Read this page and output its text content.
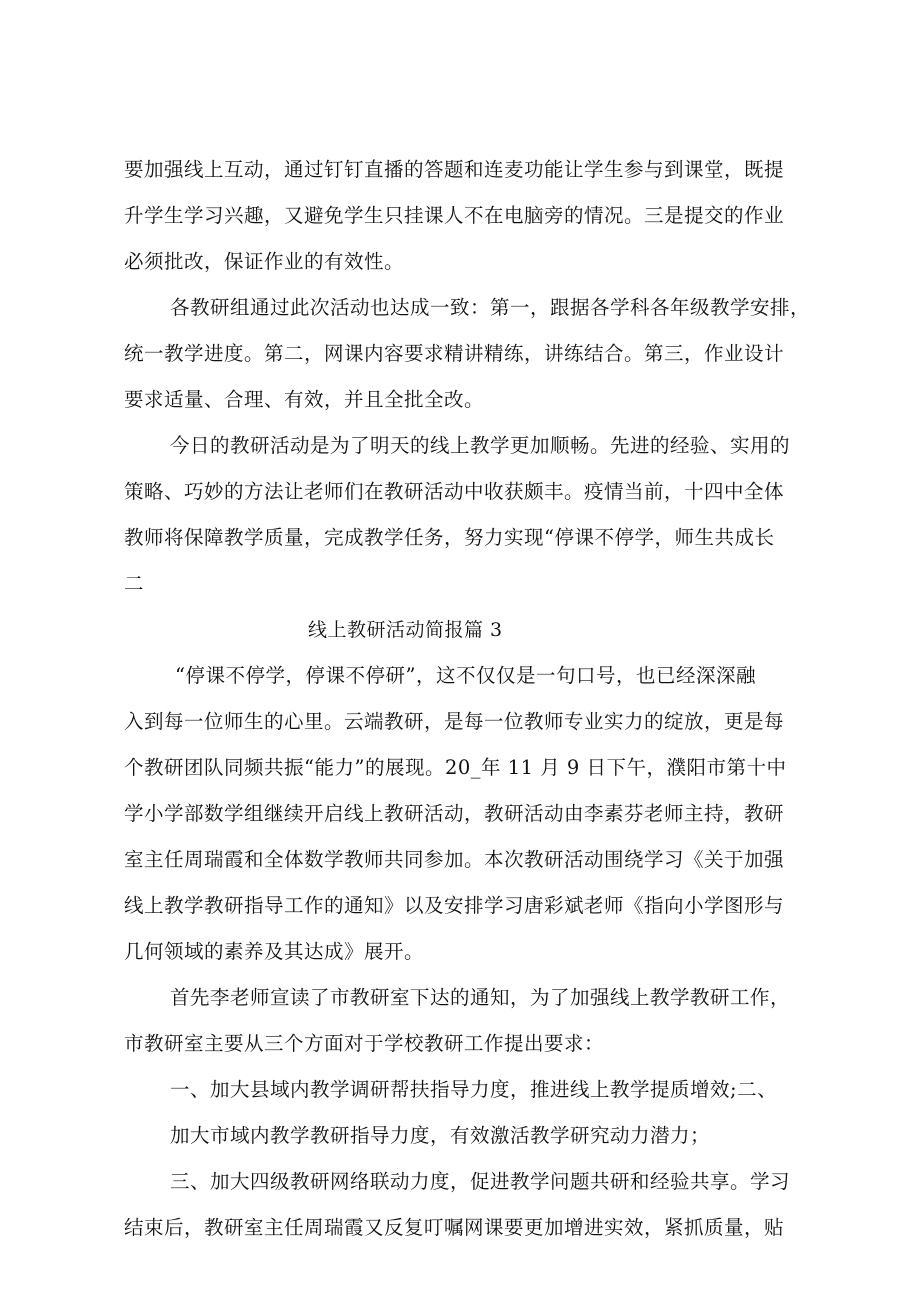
要加强线上互动，通过钉钉直播的答题和连麦功能让学生参与到课堂，既提
升学生学习兴趣，又避免学生只挂课人不在电脑旁的情况。三是提交的作业
必须批改，保证作业的有效性。
各教研组通过此次活动也达成一致：第一，跟据各学科各年级教学安排，
统一教学进度。第二，网课内容要求精讲精练，讲练结合。第三，作业设计
要求适量、合理、有效，并且全批全改。
今日的教研活动是为了明天的线上教学更加顺畅。先进的经验、实用的
策略、巧妙的方法让老师们在教研活动中收获颇丰。疫情当前，十四中全体
教师将保障教学质量，完成教学任务，努力实现“停课不停学，师生共成长
二
线上教研活动简报篇 3
“停课不停学，停课不停研”，这不仅仅是一句口号，也已经深深融
入到每一位师生的心里。云端教研，是每一位教师专业实力的绽放，更是每
个教研团队同频共振“能力”的展现。20_年 11 月 9 日下午，濮阳市第十中
学小学部数学组继续开启线上教研活动，教研活动由李素芬老师主持，教研
室主任周瑞霞和全体数学教师共同参加。本次教研活动围绕学习《关于加强
线上教学教研指导工作的通知》以及安排学习唐彩斌老师《指向小学图形与
几何领域的素养及其达成》展开。
首先李老师宣读了市教研室下达的通知，为了加强线上教学教研工作，
市教研室主要从三个方面对于学校教研工作提出要求：
一、加大县域内教学调研帮扶指导力度，推进线上教学提质增效;二、
加大市域内教学教研指导力度，有效激活教学研究动力潜力；
三、加大四级教研网络联动力度，促进教学问题共研和经验共享。学习
结束后，教研室主任周瑞霞又反复叮嘱网课要更加增进实效，紧抓质量，贴
